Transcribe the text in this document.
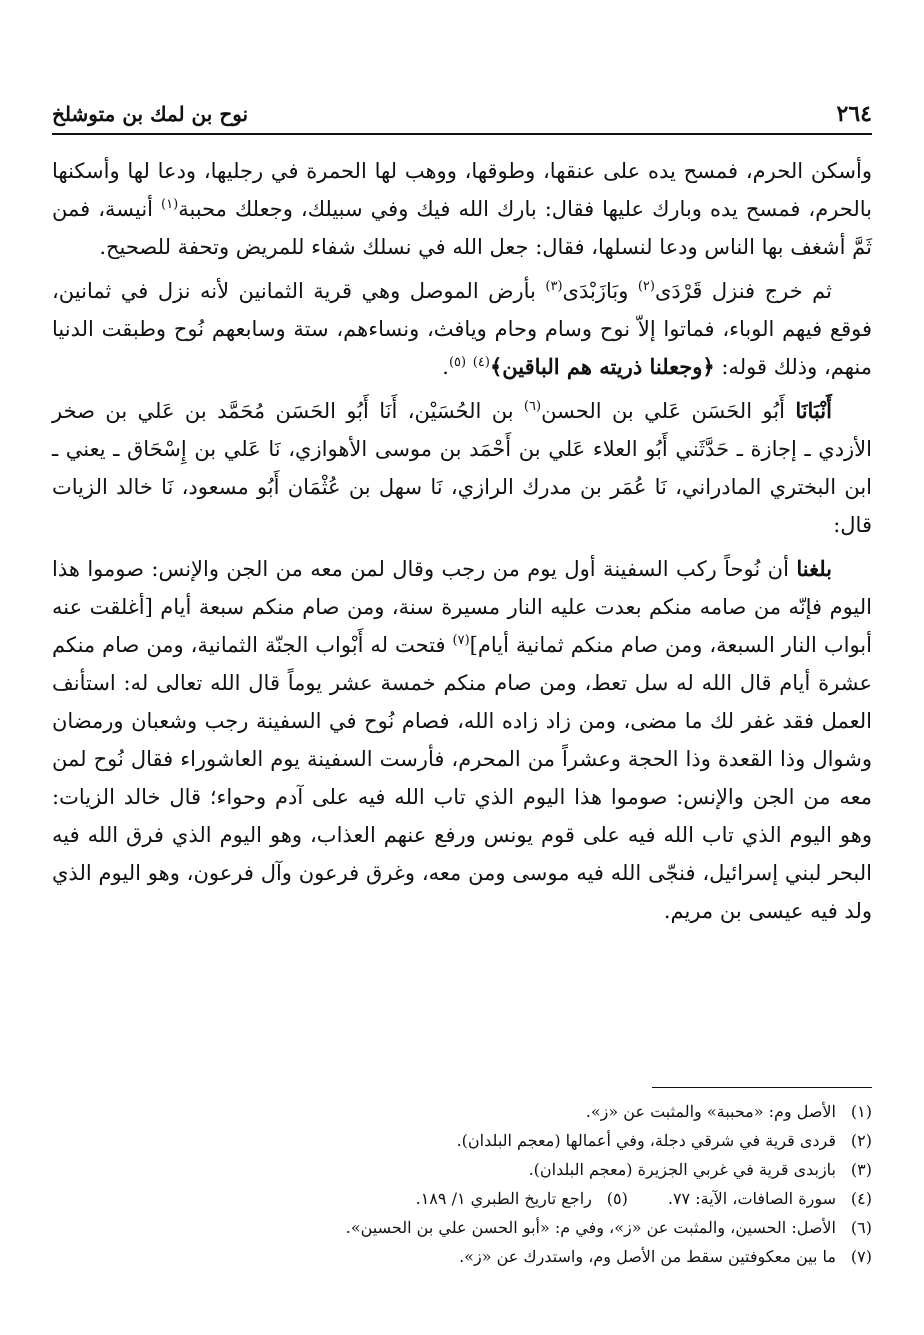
٢٦٤
نوح بن لمك بن متوشلخ

وأسكن الحرم، فمسح يده على عنقها، وطوقها، ووهب لها الحمرة في رجليها، ودعا لها وأسكنها بالحرم، فمسح يده وبارك عليها فقال: بارك الله فيك وفي سبيلك، وجعلك محببة$^{(١)}$ أنيسة، فمن ثَمَّ أشغف بها الناس ودعا لنسلها، فقال: جعل الله في نسلك شفاء للمريض وتحفة للصحيح.

ثم خرج فنزل قَرْدَى$^{(٢)}$ وبَازَبْدَى$^{(٣)}$ بأرض الموصل وهي قرية الثمانين لأنه نزل في ثمانين، فوقع فيهم الوباء، فماتوا إلاّ نوح وسام وحام ويافث، ونساءهم، ستة وسابعهم نُوح وطبقت الدنيا منهم، وذلك قوله: ﴿وجعلنا ذريته هم الباقين﴾$^{(٤)}$ $^{(٥)}$.

أَنْبَانَا أَبُو الحَسَن عَلي بن الحسن$^{(٦)}$ بن الحُسَيْن، أَنَا أَبُو الحَسَن مُحَمَّد بن عَلي بن صخر الأزدي ـ إجازة ـ حَدَّثَني أَبُو العلاء عَلي بن أَحْمَد بن موسى الأهوازي، نَا عَلي بن إِسْحَاق ـ يعني ـ ابن البختري المادراني، نَا عُمَر بن مدرك الرازي، نَا سهل بن عُثْمَان أَبُو مسعود، نَا خالد الزيات قال:

بلغنا أن نُوحاً ركب السفينة أول يوم من رجب وقال لمن معه من الجن والإنس: صوموا هذا اليوم فإنّه من صامه منكم بعدت عليه النار مسيرة سنة، ومن صام منكم سبعة أيام [أغلقت عنه أبواب النار السبعة، ومن صام منكم ثمانية أيام]$^{(٧)}$ فتحت له أَبْواب الجنّة الثمانية، ومن صام منكم عشرة أيام قال الله له سل تعط، ومن صام منكم خمسة عشر يوماً قال الله تعالى له: استأنف العمل فقد غفر لك ما مضى، ومن زاد زاده الله، فصام نُوح في السفينة رجب وشعبان ورمضان وشوال وذا القعدة وذا الحجة وعشراً من المحرم، فأرست السفينة يوم العاشوراء فقال نُوح لمن معه من الجن والإنس: صوموا هذا اليوم الذي تاب الله فيه على آدم وحواء؛ قال خالد الزيات: وهو اليوم الذي تاب الله فيه على قوم يونس ورفع عنهم العذاب، وهو اليوم الذي فرق الله فيه البحر لبني إسرائيل، فنجّى الله فيه موسى ومن معه، وغرق فرعون وآل فرعون، وهو اليوم الذي ولد فيه عيسى بن مريم.

(١)
الأصل وم: «محببة» والمثبت عن «ز».
(٢)
قردى قرية في شرقي دجلة، وفي أعمالها (معجم البلدان).
(٣)
بازبدى قرية في غربي الجزيرة (معجم البلدان).
(٤)
سورة الصافات، الآية: ٧٧.
(٥)
راجع تاريخ الطبري ١/ ١٨٩.
(٦)
الأصل: الحسين، والمثبت عن «ز»، وفي م: «أبو الحسن علي بن الحسين».
(٧)
ما بين معكوفتين سقط من الأصل وم، واستدرك عن «ز».
